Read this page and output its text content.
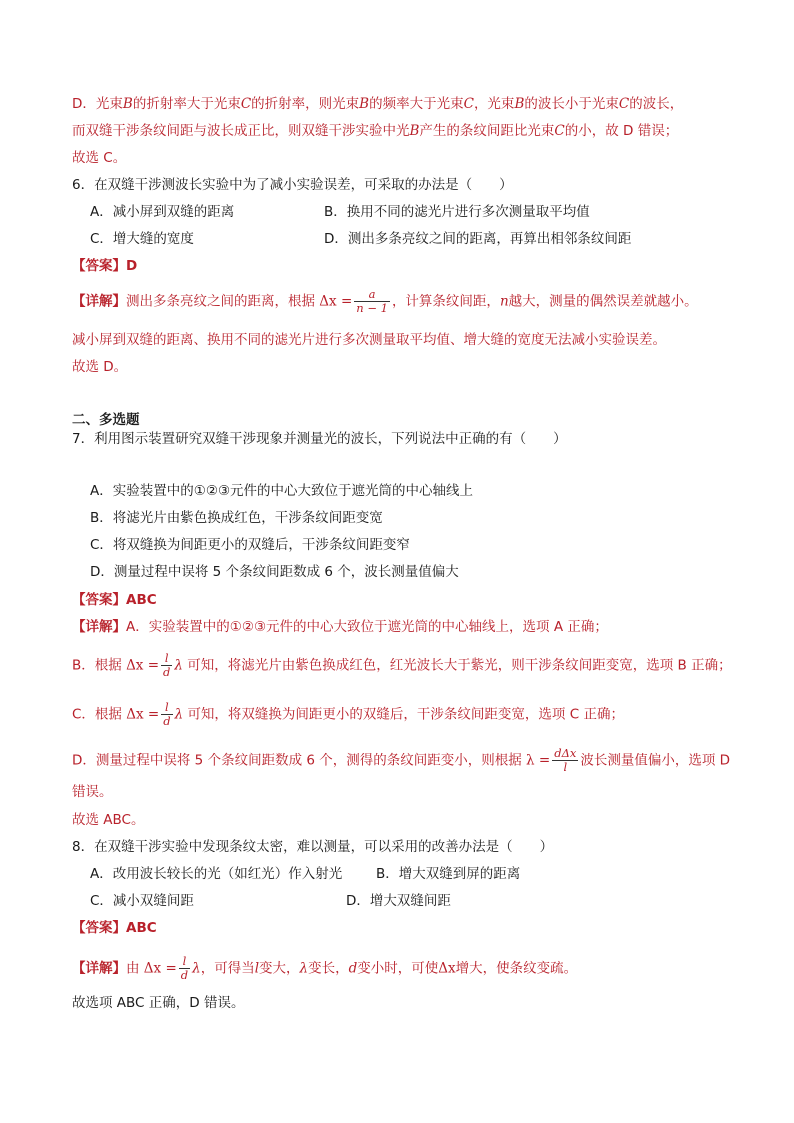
D．光束B的折射率大于光束C的折射率，则光束B的频率大于光束C，光束B的波长小于光束C的波长，
而双缝干涉条纹间距与波长成正比，则双缝干涉实验中光B产生的条纹间距比光束C的小，故 D 错误；
故选 C。
6．在双缝干涉测波长实验中为了减小实验误差，可采取的办法是（　　）
A．减小屏到双缝的距离	B．换用不同的滤光片进行多次测量取平均值
C．增大缝的宽度	D．测出多条亮纹之间的距离，再算出相邻条纹间距
【答案】D
【详解】测出多条亮纹之间的距离，根据 $\Delta x = \frac{a}{n - 1}$ ，计算条纹间距，n越大，测量的偶然误差就越小。
减小屏到双缝的距离、换用不同的滤光片进行多次测量取平均值、增大缝的宽度无法减小实验误差。
故选 D。
二、多选题
7．利用图示装置研究双缝干涉现象并测量光的波长，下列说法中正确的有（　　）
A．实验装置中的①②③元件的中心大致位于遮光筒的中心轴线上
B．将滤光片由紫色换成红色，干涉条纹间距变宽
C．将双缝换为间距更小的双缝后，干涉条纹间距变窄
D．测量过程中误将 5 个条纹间距数成 6 个，波长测量值偏大
【答案】ABC
【详解】A．实验装置中的①②③元件的中心大致位于遮光筒的中心轴线上，选项 A 正确；
B．根据 $\Delta x = \frac{l}{d}$ λ 可知，将滤光片由紫色换成红色，红光波长大于紫光，则干涉条纹间距变宽，选项 B 正确；
C．根据 $\Delta x = \frac{l}{d}$ λ 可知，将双缝换为间距更小的双缝后，干涉条纹间距变宽，选项 C 正确；
D．测量过程中误将 5 个条纹间距数成 6 个，测得的条纹间距变小，则根据 $\lambda = \frac{\text{dΔx}}{l}$ 波长测量值偏小，选项 D
错误。
故选 ABC。
8．在双缝干涉实验中发现条纹太密，难以测量，可以采用的改善办法是（　　）
A．改用波长较长的光（如红光）作入射光	B．增大双缝到屏的距离
C．减小双缝间距	D．增大双缝间距
【答案】ABC
【详解】由 $\Delta x = \frac{l}{d}$ λ，可得当l变大，λ变长，d变小时，可使Δx增大，使条纹变疏。
故选项 ABC 正确，D 错误。
